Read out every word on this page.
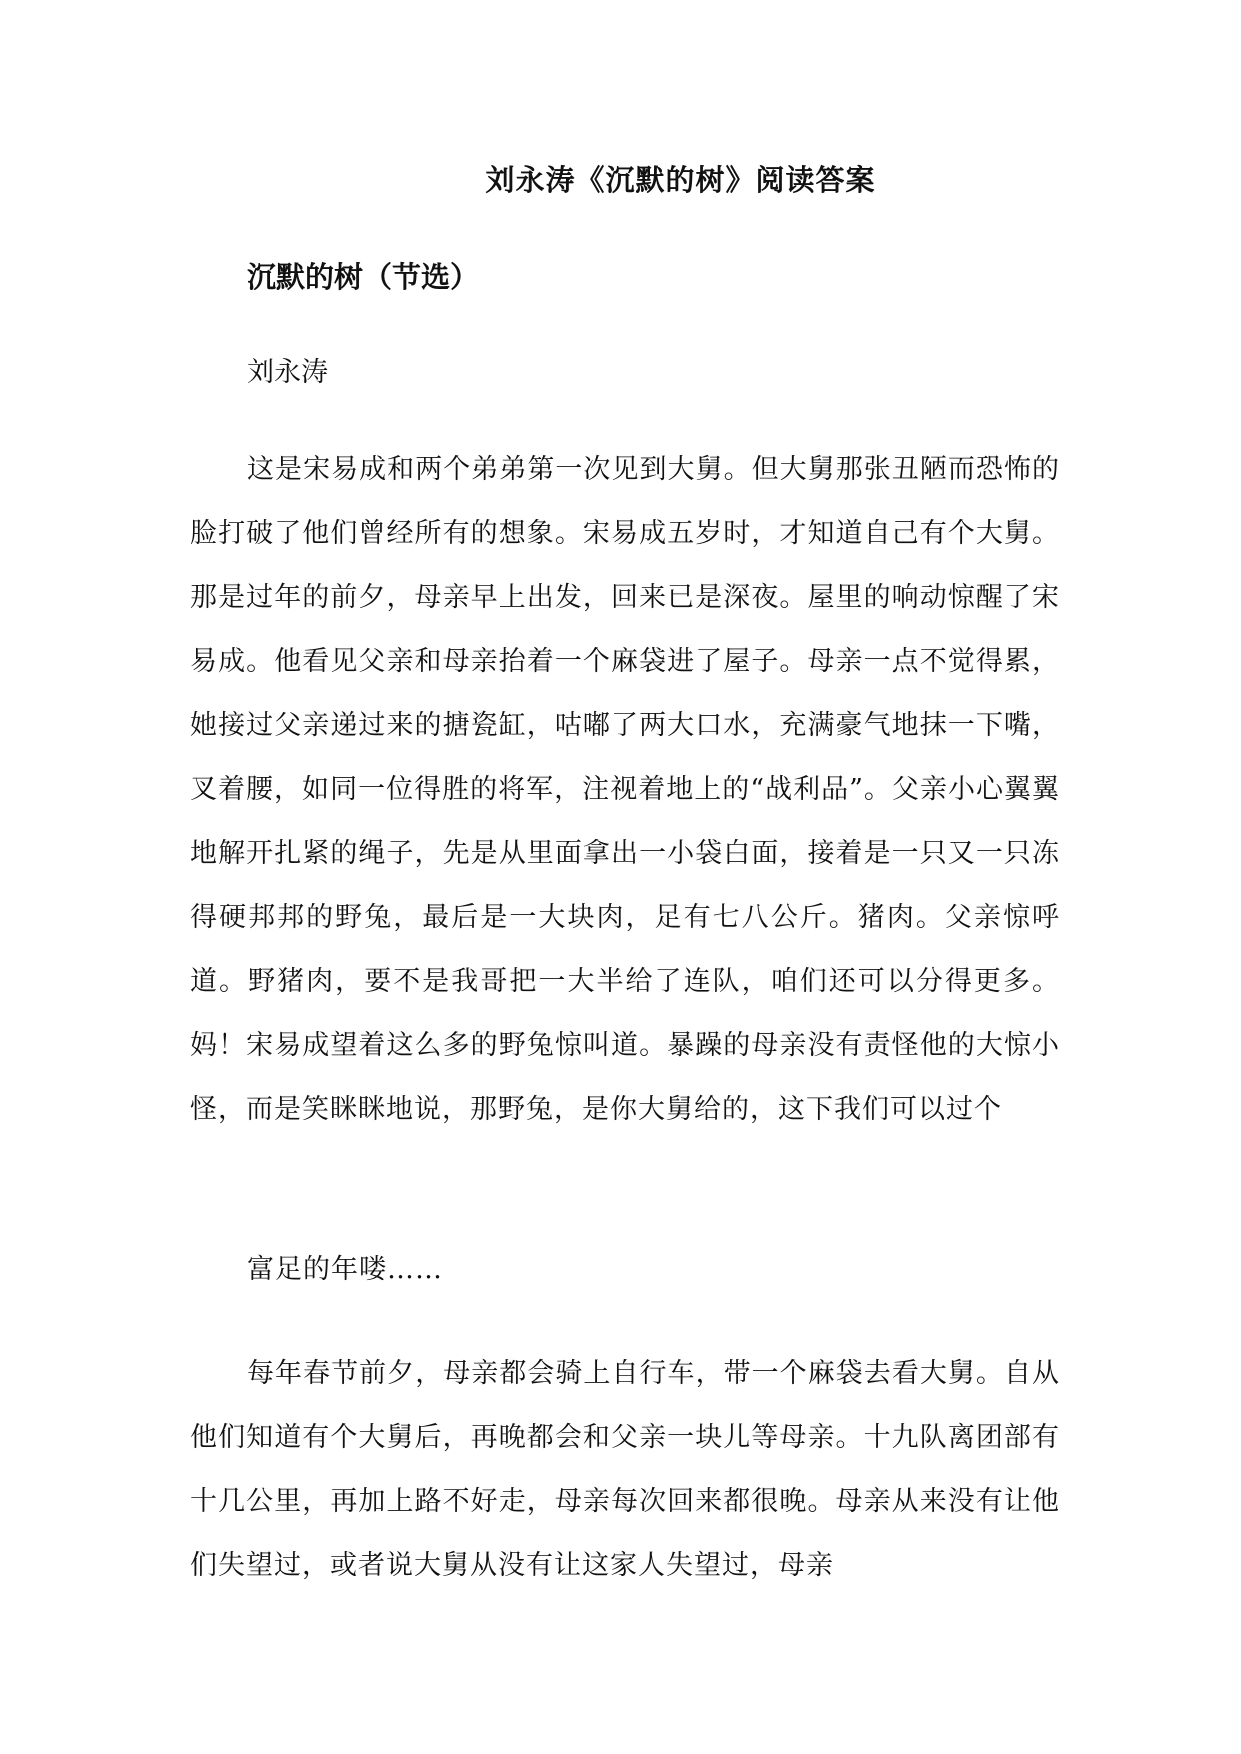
刘永涛《沉默的树》阅读答案
沉默的树（节选）
刘永涛

这是宋易成和两个弟弟第一次见到大舅。但大舅那张丑陋而恐怖的脸打破了他们曾经所有的想象。宋易成五岁时，才知道自己有个大舅。那是过年的前夕，母亲早上出发，回来已是深夜。屋里的响动惊醒了宋易成。他看见父亲和母亲抬着一个麻袋进了屋子。母亲一点不觉得累，她接过父亲递过来的搪瓷缸，咕嘟了两大口水，充满豪气地抹一下嘴，叉着腰，如同一位得胜的将军，注视着地上的“战利品”。父亲小心翼翼地解开扎紧的绳子，先是从里面拿出一小袋白面，接着是一只又一只冻得硬邦邦的野兔，最后是一大块肉，足有七八公斤。猪肉。父亲惊呼道。野猪肉，要不是我哥把一大半给了连队，咱们还可以分得更多。妈！宋易成望着这么多的野兔惊叫道。暴躁的母亲没有责怪他的大惊小怪，而是笑眯眯地说，那野兔，是你大舅给的，这下我们可以过个

富足的年喽……

每年春节前夕，母亲都会骑上自行车，带一个麻袋去看大舅。自从他们知道有个大舅后，再晚都会和父亲一块儿等母亲。十九队离团部有十几公里，再加上路不好走，母亲每次回来都很晚。母亲从来没有让他们失望过，或者说大舅从没有让这家人失望过，母亲
